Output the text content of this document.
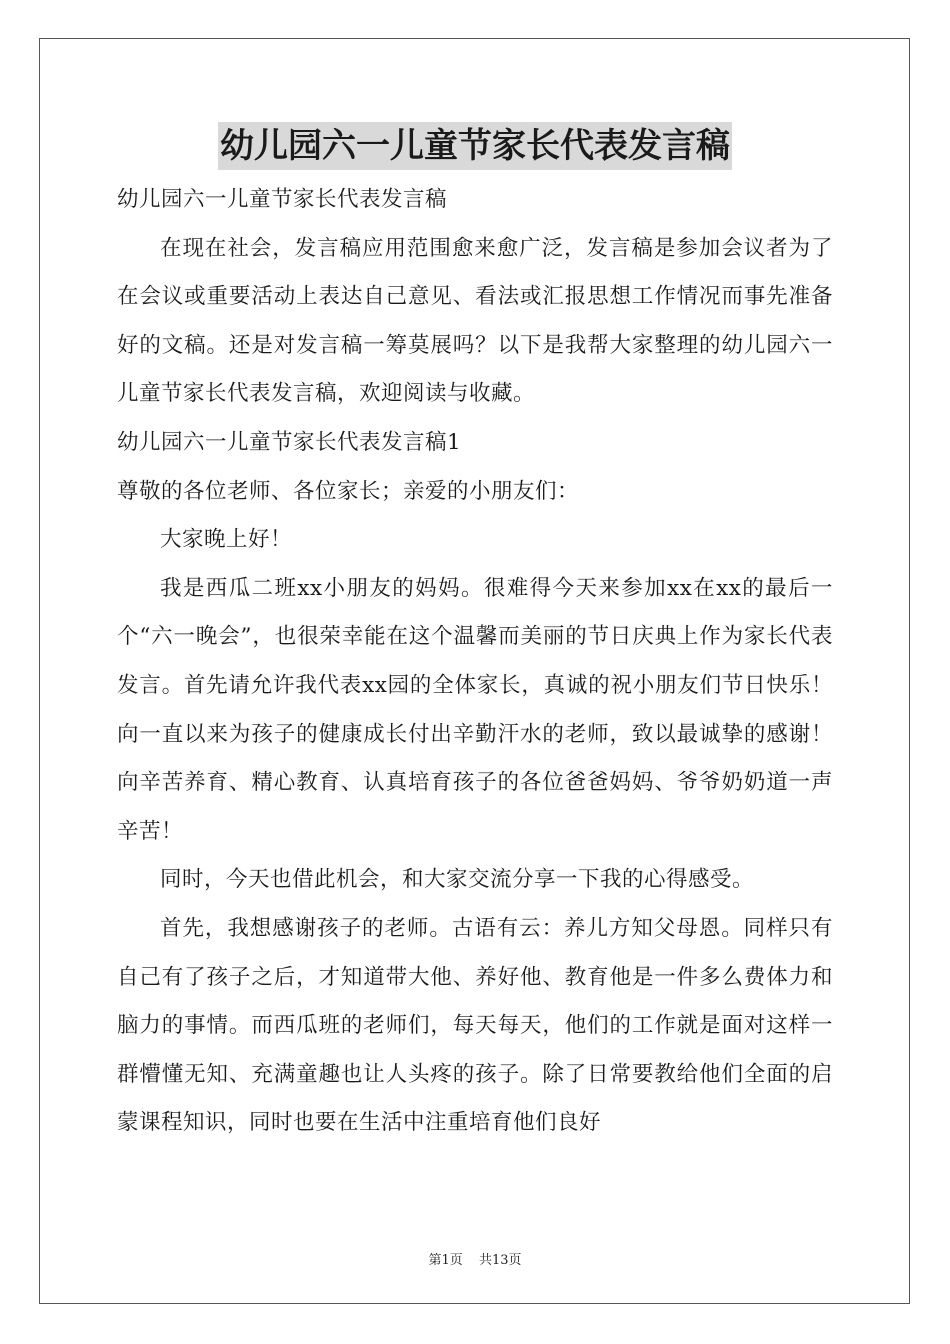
幼儿园六一儿童节家长代表发言稿

幼儿园六一儿童节家长代表发言稿

在现在社会，发言稿应用范围愈来愈广泛，发言稿是参加会议者为了在会议或重要活动上表达自己意见、看法或汇报思想工作情况而事先准备好的文稿。还是对发言稿一筹莫展吗？以下是我帮大家整理的幼儿园六一儿童节家长代表发言稿，欢迎阅读与收藏。

幼儿园六一儿童节家长代表发言稿1

尊敬的各位老师、各位家长；亲爱的小朋友们：

大家晚上好！

我是西瓜二班xx小朋友的妈妈。很难得今天来参加xx在xx的最后一个“六一晚会”，也很荣幸能在这个温馨而美丽的节日庆典上作为家长代表发言。首先请允许我代表xx园的全体家长，真诚的祝小朋友们节日快乐！向一直以来为孩子的健康成长付出辛勤汗水的老师，致以最诚挚的感谢！向辛苦养育、精心教育、认真培育孩子的各位爸爸妈妈、爷爷奶奶道一声辛苦！

同时，今天也借此机会，和大家交流分享一下我的心得感受。

首先，我想感谢孩子的老师。古语有云：养儿方知父母恩。同样只有自己有了孩子之后，才知道带大他、养好他、教育他是一件多么费体力和脑力的事情。而西瓜班的老师们，每天每天，他们的工作就是面对这样一群懵懂无知、充满童趣也让人头疼的孩子。除了日常要教给他们全面的启蒙课程知识，同时也要在生活中注重培育他们良好

第1页 共13页
